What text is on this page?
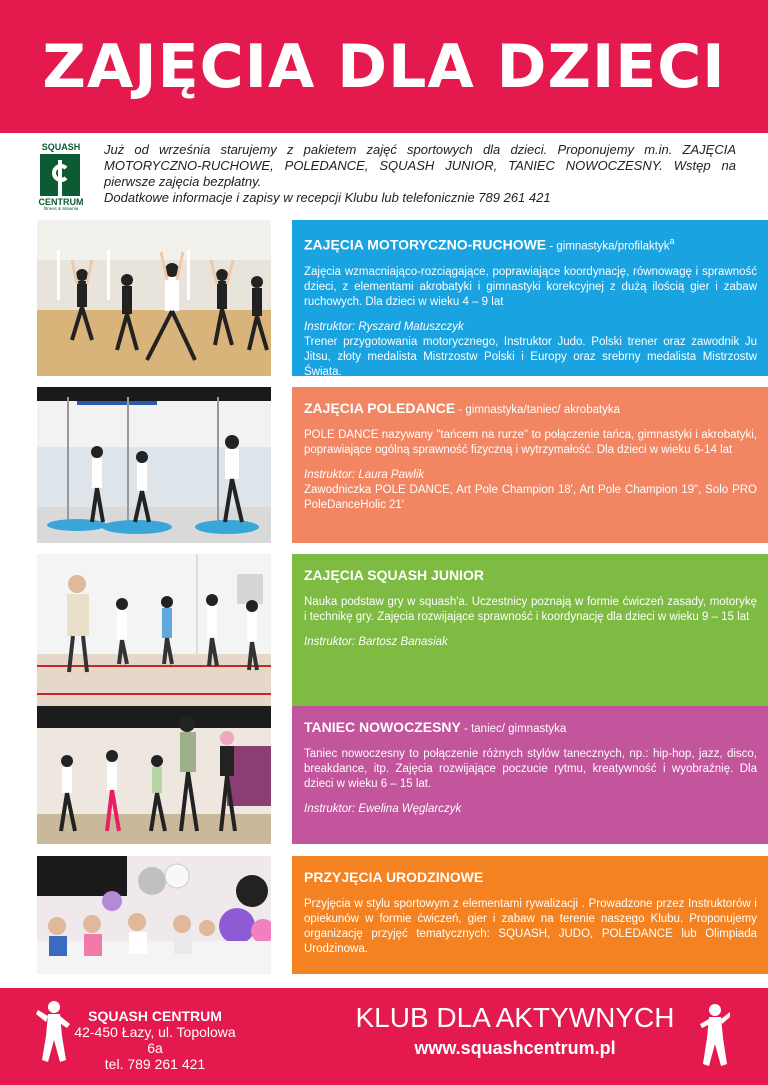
ZAJĘCIA DLA DZIECI
SQUASH
CENTRUM
fitness & siłownia
Już od września starujemy z pakietem zajęć sportowych dla dzieci. Proponujemy m.in. ZAJĘCIA MOTORYCZNO-RUCHOWE, POLEDANCE, SQUASH JUNIOR, TANIEC NOWOCZESNY. Wstęp na pierwsze zajęcia bezpłatny.
Dodatkowe informacje i zapisy w recepcji Klubu lub telefonicznie 789 261 421
ZAJĘCIA MOTORYCZNO-RUCHOWE - gimnastyka/profilaktyk$^a$

Zajęcia wzmacniająco-rozciągające, poprawiające koordynację, równowagę i sprawność dzieci, z elementami akrobatyki i gimnastyki korekcyjnej z dużą ilością gier i zabaw ruchowych. Dla dzieci w wieku 4 – 9 lat

Instruktor: Ryszard Matuszczyk

Trener przygotowania motorycznego, Instruktor Judo. Polski trener oraz zawodnik Ju Jitsu, złoty medalista Mistrzostw Polski i Europy oraz srebrny medalista Mistrzostw Świata.

ZAJĘCIA POLEDANCE - gimnastyka/taniec/ akrobatyka

POLE DANCE nazywany "tańcem na rurze" to połączenie tańca, gimnastyki i akrobatyki, poprawiające ogólną sprawność fizyczną i wytrzymałość. Dla dzieci w wieku 6-14 lat

Instruktor: Laura Pawlik

Zawodniczka POLE DANCE, Art Pole Champion 18', Art Pole Champion 19", Solo PRO PoleDanceHolic 21'

ZAJĘCIA SQUASH JUNIOR

Nauka podstaw gry w squash'a. Uczestnicy poznają w formie ćwiczeń zasady, motorykę i technikę gry. Zajęcia rozwijające sprawność i koordynację dla dzieci w wieku 9 – 15 lat

Instruktor: Bartosz Banasiak

TANIEC NOWOCZESNY - taniec/ gimnastyka

Taniec nowoczesny to połączenie różnych stylów tanecznych, np.: hip-hop, jazz, disco, breakdance, itp. Zajęcia rozwijające poczucie rytmu, kreatywność i wyobraźnię. Dla dzieci w wieku 6 – 15 lat.

Instruktor: Ewelina Węglarczyk

PRZYJĘCIA URODZINOWE

Przyjęcia w stylu sportowym z elementami rywalizacji . Prowadzone przez Instruktorów i opiekunów w formie ćwiczeń, gier i zabaw na terenie naszego Klubu. Proponujemy organizację przyjęć tematycznych: SQUASH, JUDO, POLEDANCE lub Olimpiada Urodzinowa.

SQUASH CENTRUM
42-450 Łazy, ul. Topolowa 6a
tel. 789 261 421
KLUB DLA AKTYWNYCH
www.squashcentrum.pl
